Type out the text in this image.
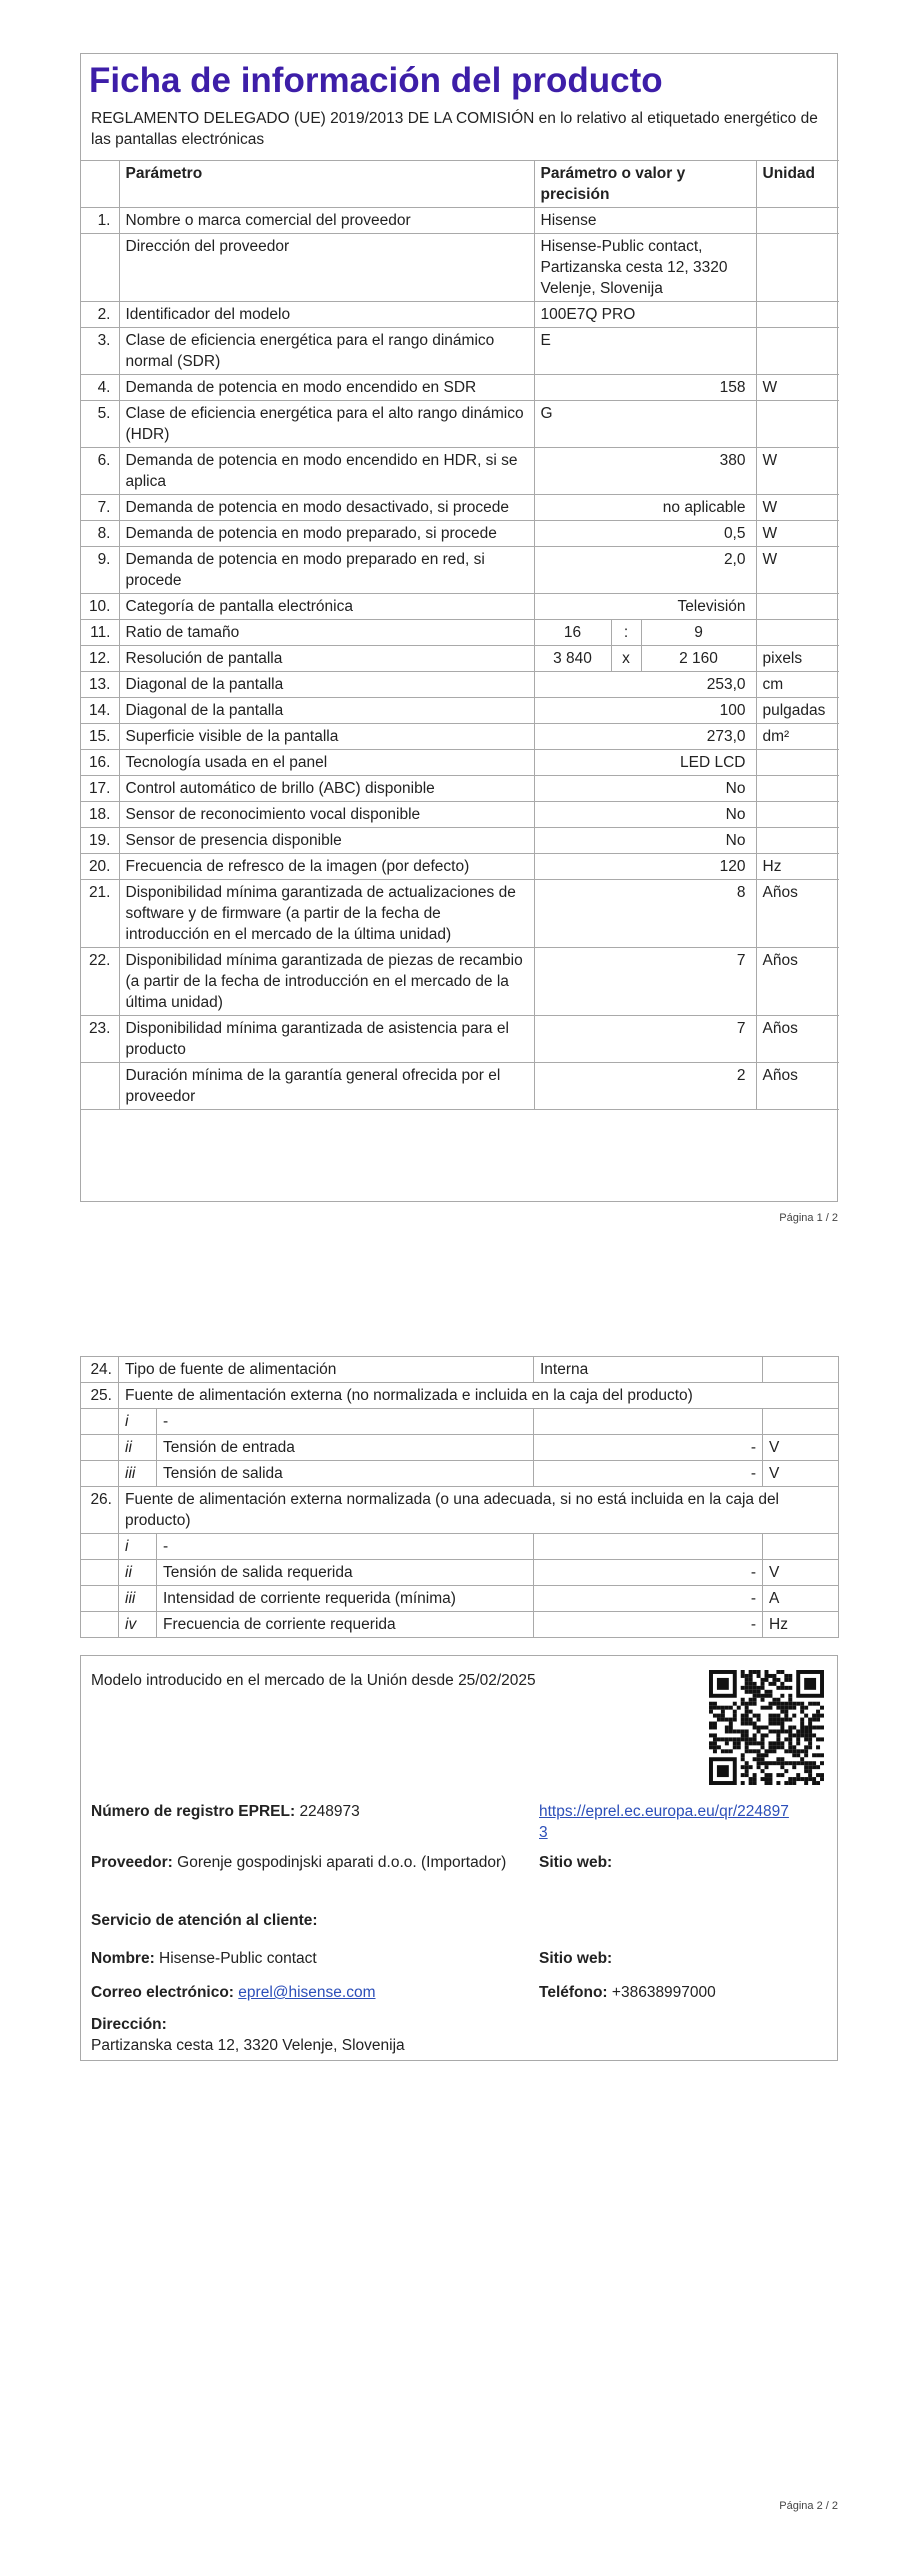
Ficha de información del producto
REGLAMENTO DELEGADO (UE) 2019/2013 DE LA COMISIÓN en lo relativo al etiquetado energético de las pantallas electrónicas
	Parámetro	Parámetro o valor y precisión			Unidad
1.	Nombre o marca comercial del proveedor	Hisense			
	Dirección del proveedor	Hisense-Public contact, Partizanska cesta 12, 3320 Velenje, Slovenija			
2.	Identificador del modelo	100E7Q PRO			
3.	Clase de eficiencia energética para el rango dinámico normal (SDR)	E			
4.	Demanda de potencia en modo encendido en SDR	158			W
5.	Clase de eficiencia energética para el alto rango dinámico (HDR)	G			
6.	Demanda de potencia en modo encendido en HDR, si se aplica	380			W
7.	Demanda de potencia en modo desactivado, si procede	no aplicable			W
8.	Demanda de potencia en modo preparado, si procede	0,5			W
9.	Demanda de potencia en modo preparado en red, si procede	2,0			W
10.	Categoría de pantalla electrónica	Televisión			
11.	Ratio de tamaño	16	:	9	
12.	Resolución de pantalla	3 840	x	2 160	pixels
13.	Diagonal de la pantalla	253,0			cm
14.	Diagonal de la pantalla	100			pulgadas
15.	Superficie visible de la pantalla	273,0			dm²
16.	Tecnología usada en el panel	LED LCD			
17.	Control automático de brillo (ABC) disponible	No			
18.	Sensor de reconocimiento vocal disponible	No			
19.	Sensor de presencia disponible	No			
20.	Frecuencia de refresco de la imagen (por defecto)	120			Hz
21.	Disponibilidad mínima garantizada de actualizaciones de software y de firmware (a partir de la fecha de introducción en el mercado de la última unidad)	8			Años
22.	Disponibilidad mínima garantizada de piezas de recambio (a partir de la fecha de introducción en el mercado de la última unidad)	7			Años
23.	Disponibilidad mínima garantizada de asistencia para el producto	7			Años
	Duración mínima de la garantía general ofrecida por el proveedor	2			Años
Página 1 / 2
24.	Tipo de fuente de alimentación		Interna	
25.	Fuente de alimentación externa (no normalizada e incluida en la caja del producto)			
	i	-		
	ii	Tensión de entrada	-	V
	iii	Tensión de salida	-	V
26.	Fuente de alimentación externa normalizada (o una adecuada, si no está incluida en la caja del producto)			
	i	-		
	ii	Tensión de salida requerida	-	V
	iii	Intensidad de corriente requerida (mínima)	-	A
	iv	Frecuencia de corriente requerida	-	Hz
Modelo introducido en el mercado de la Unión desde 25/02/2025
Número de registro EPREL: 2248973	https://eprel.ec.europa.eu/qr/2248973
Proveedor: Gorenje gospodinjski aparati d.o.o. (Importador)	Sitio web:
Servicio de atención al cliente:
Nombre: Hisense-Public contact	Sitio web:
Correo electrónico: eprel@hisense.com	Teléfono: +38638997000
Dirección:
Partizanska cesta 12, 3320 Velenje, Slovenija
Página 2 / 2
